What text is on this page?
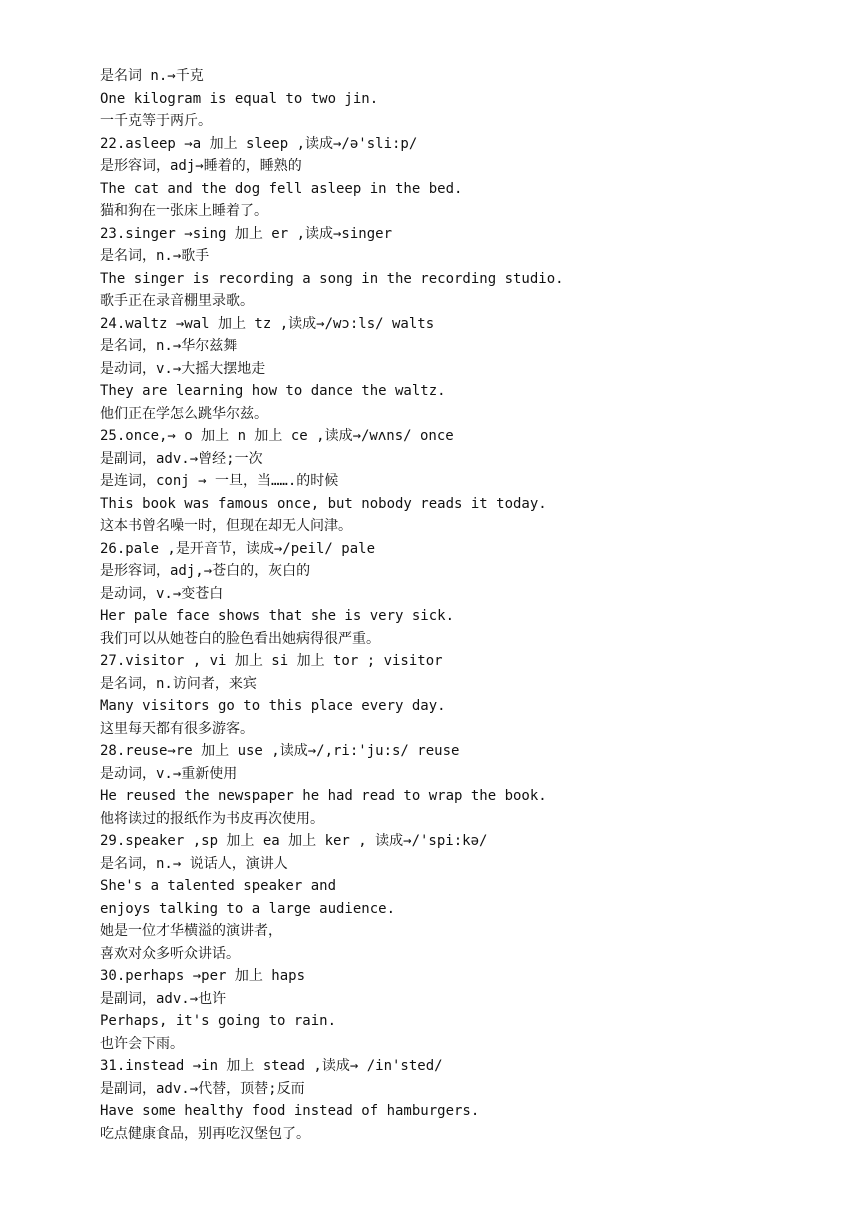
是名词 n.→千克
One kilogram is equal to two jin.
一千克等于两斤。
22.asleep →a 加上 sleep ,读成→/ə'sli:p/
是形容词，adj→睡着的，睡熟的
The cat and the dog fell asleep in the bed.
猫和狗在一张床上睡着了。
23.singer →sing 加上 er ,读成→singer
是名词，n.→歌手
The singer is recording a song in the recording studio.
歌手正在录音棚里录歌。
24.waltz →wal 加上 tz ,读成→/wɔ:ls/ walts
是名词，n.→华尔兹舞
是动词，v.→大摇大摆地走
They are learning how to dance the waltz.
他们正在学怎么跳华尔兹。
25.once,→ o 加上 n 加上 ce ,读成→/wʌns/ once
是副词，adv.→曾经;一次
是连词，conj → 一旦，当…….的时候
This book was famous once, but nobody reads it today.
这本书曾名噪一时，但现在却无人问津。
26.pale ,是开音节，读成→/peil/ pale
是形容词，adj,→苍白的，灰白的
是动词，v.→变苍白
Her pale face shows that she is very sick.
我们可以从她苍白的脸色看出她病得很严重。
27.visitor , vi 加上 si 加上 tor ; visitor
是名词，n.访问者，来宾
Many visitors go to this place every day.
这里每天都有很多游客。
28.reuse→re 加上 use ,读成→/,ri:'ju:s/ reuse
是动词，v.→重新使用
He reused the newspaper he had read to wrap the book.
他将读过的报纸作为书皮再次使用。
29.speaker ,sp 加上 ea 加上 ker , 读成→/'spi:kə/
是名词，n.→ 说话人，演讲人
She's a talented speaker and
enjoys talking to a large audience.
她是一位才华横溢的演讲者，
喜欢对众多听众讲话。
30.perhaps →per 加上 haps
是副词，adv.→也许
Perhaps, it's going to rain.
也许会下雨。
31.instead →in 加上 stead ,读成→ /in'sted/
是副词，adv.→代替，顶替;反而
Have some healthy food instead of hamburgers.
吃点健康食品，别再吃汉堡包了。
